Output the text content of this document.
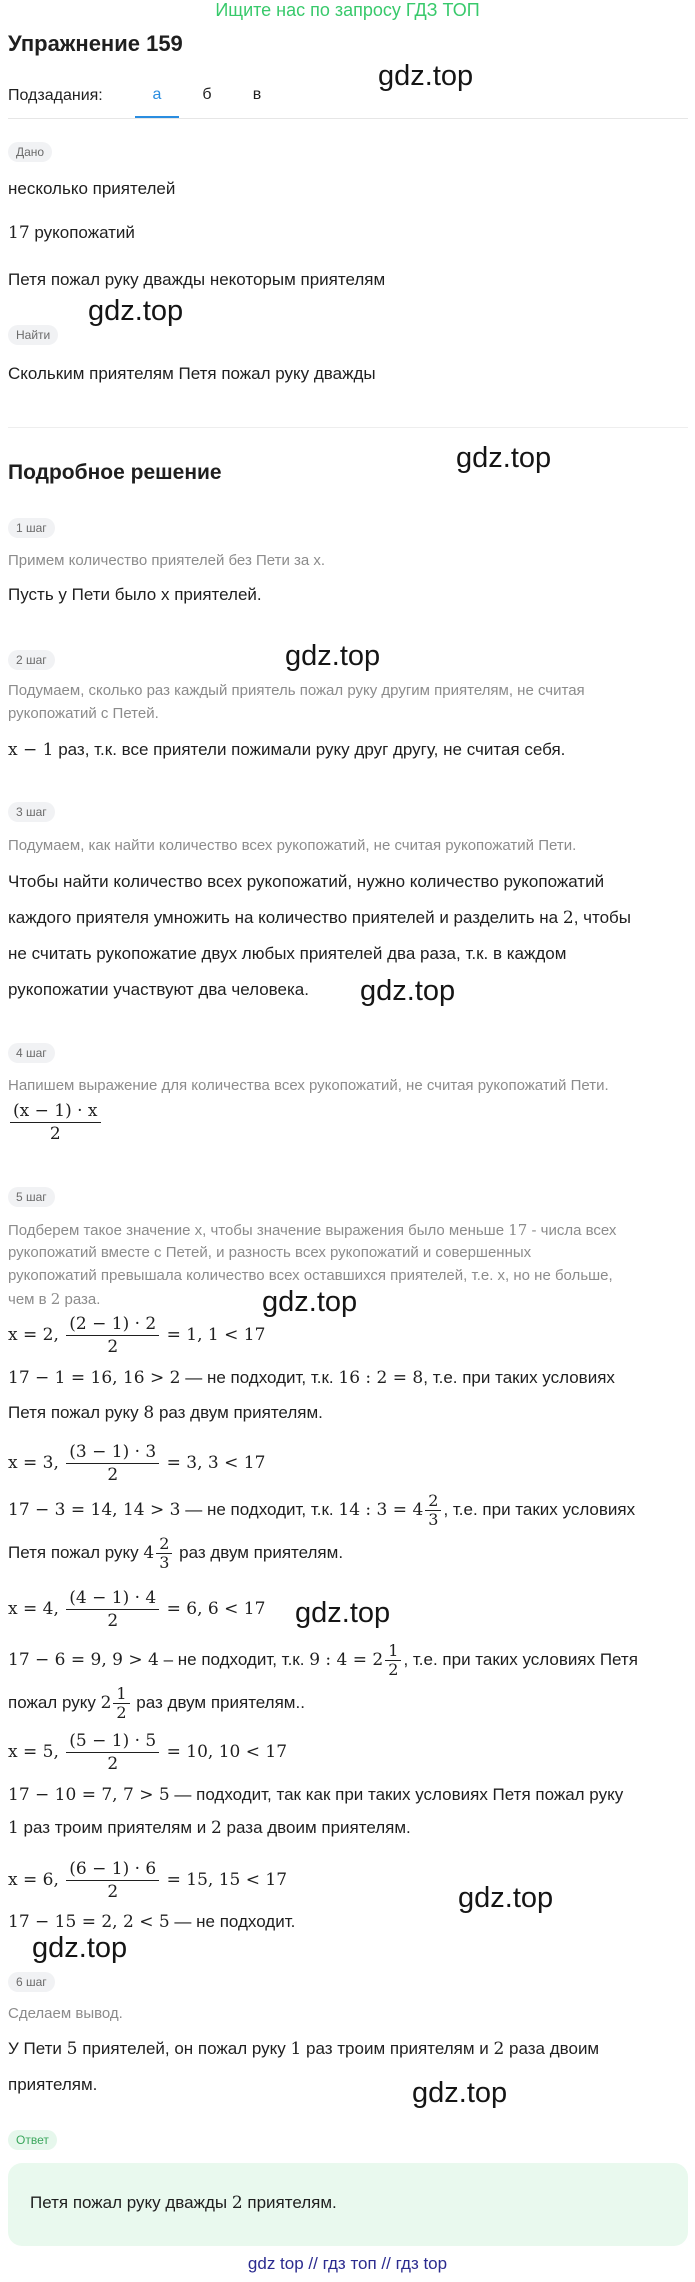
Ищите нас по запросу ГДЗ ТОП
Упражнение 159
gdz.top
Подзадания:	а	б	в
Дано
несколько приятелей
17 рукопожатий
Петя пожал руку дважды некоторым приятелям
gdz.top
Найти
Скольким приятелям Петя пожал руку дважды
gdz.top
Подробное решение
1 шаг
Примем количество приятелей без Пети за х.
Пусть у Пети было х приятелей.
gdz.top
2 шаг
Подумаем, сколько раз каждый приятель пожал руку другим приятелям, не считая
рукопожатий с Петей.
x − 1 раз, т.к. все приятели пожимали руку друг другу, не считая себя.
3 шаг
Подумаем, как найти количество всех рукопожатий, не считая рукопожатий Пети.
Чтобы найти количество всех рукопожатий, нужно количество рукопожатий
каждого приятеля умножить на количество приятелей и разделить на 2, чтобы
не считать рукопожатие двух любых приятелей два раза, т.к. в каждом
рукопожатии участвуют два человека. gdz.top
4 шаг
Напишем выражение для количества всех рукопожатий, не считая рукопожатий Пети.
$\frac{(x - 1) \cdot x}{2}$
5 шаг
Подберем такое значение х, чтобы значение выражения было меньше 17 - числа всех
рукопожатий вместе с Петей, и разность всех рукопожатий и совершенных
рукопожатий превышала количество всех оставшихся приятелей, т.е. х, но не больше,
чем в 2 раза.	gdz.top
x = 2, $\frac{(2 - 1) \cdot 2}{2} = 1$, 1 < 17
17 − 1 = 16, 16 > 2 — не подходит, т.к. 16 : 2 = 8, т.е. при таких условиях
Петя пожал руку 8 раз двум приятелям.
x = 3, $\frac{(3 - 1) \cdot 3}{2} = 3$, 3 < 17
17 − 3 = 14, 14 > 3 — не подходит, т.к. 14 : $3 = 4 \frac{2}{3}$ , т.е. при таких условиях
Петя пожал руку $4 \frac{2}{3}$ раз двум приятелям.
x = 4, $\frac{(4 - 1) \cdot 4}{2} = 6$, 6 < 17 gdz.top
17 − 6 = 9, 9 > 4 – не подходит, т.к. 9 : $4 = 2 \frac{1}{2}$ , т.е. при таких условиях Петя
пожал руку $2 \frac{1}{2}$ раз двум приятелям..
x = 5, $\frac{(5 - 1) \cdot 5}{2} = 10$, 10 < 17
17 − 10 = 7, 7 > 5 — подходит, так как при таких условиях Петя пожал руку
1 раз троим приятелям и 2 раза двоим приятелям.
x = 6, $\frac{(6 - 1) \cdot 6}{2} = 15$, 15 < 17
gdz.top
17 − 15 = 2, 2 < 5 — не подходит.
gdz.top
6 шаг
Сделаем вывод.
У Пети 5 приятелей, он пожал руку 1 раз троим приятелям и 2 раза двоим
приятелям.	gdz.top
Ответ
Петя пожал руку дважды 2 приятелям.
gdz top // гдз топ // гдз top
